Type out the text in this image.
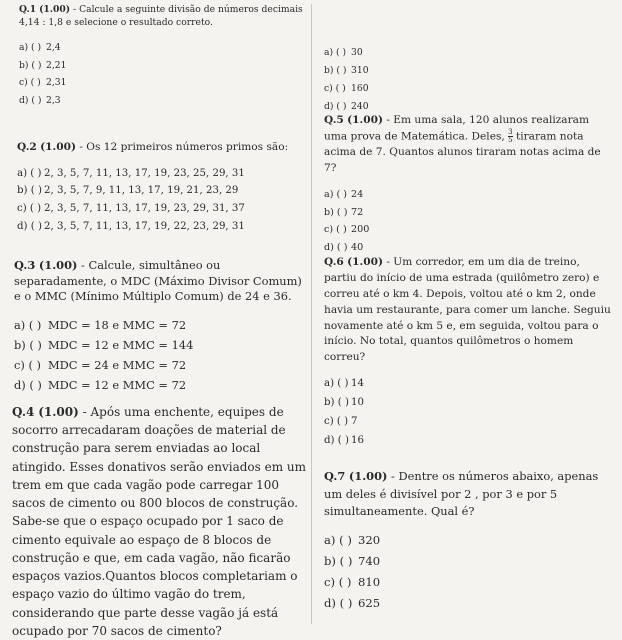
Q.1 (1.00) - Calcule a seguinte divisão de números decimais 4,14 : 1,8 e selecione o resultado correto.

a) ( ) 2,4
b) ( ) 2,21
c) ( ) 2,31
d) ( ) 2,3

Q.2 (1.00) - Os 12 primeiros números primos são:

a) ( ) 2, 3, 5, 7, 11, 13, 17, 19, 23, 25, 29, 31
b) ( ) 2, 3, 5, 7, 9, 11, 13, 17, 19, 21, 23, 29
c) ( ) 2, 3, 5, 7, 11, 13, 17, 19, 23, 29, 31, 37
d) ( ) 2, 3, 5, 7, 11, 13, 17, 19, 22, 23, 29, 31

Q.3 (1.00) - Calcule, simultâneo ou separadamente, o MDC (Máximo Divisor Comum) e o MMC (Mínimo Múltiplo Comum) de 24 e 36.

a) ( ) MDC = 18 e MMC = 72
b) ( ) MDC = 12 e MMC = 144
c) ( ) MDC = 24 e MMC = 72
d) ( ) MDC = 12 e MMC = 72

Q.4 (1.00) - Após uma enchente, equipes de socorro arrecadaram doações de material de construção para serem enviadas ao local atingido. Esses donativos serão enviados em um trem em que cada vagão pode carregar 100 sacos de cimento ou 800 blocos de construção. Sabe-se que o espaço ocupado por 1 saco de cimento equivale ao espaço de 8 blocos de construção e que, em cada vagão, não ficarão espaços vazios.Quantos blocos completariam o espaço vazio do último vagão do trem, considerando que parte desse vagão já está ocupado por 70 sacos de cimento?

a) ( ) 30
b) ( ) 310
c) ( ) 160
d) ( ) 240

Q.5 (1.00) - Em uma sala, 120 alunos realizaram uma prova de Matemática. Deles, $\frac{3}{5}$ tiraram nota acima de 7. Quantos alunos tiraram notas acima de 7?

a) ( ) 24
b) ( ) 72
c) ( ) 200
d) ( ) 40

Q.6 (1.00) - Um corredor, em um dia de treino, partiu do início de uma estrada (quilômetro zero) e correu até o km 4. Depois, voltou até o km 2, onde havia um restaurante, para comer um lanche. Seguiu novamente até o km 5 e, em seguida, voltou para o início. No total, quantos quilômetros o homem correu?

a) ( ) 14
b) ( ) 10
c) ( ) 7
d) ( ) 16

Q.7 (1.00) - Dentre os números abaixo, apenas um deles é divisível por 2 , por 3 e por 5 simultaneamente. Qual é?

a) ( ) 320
b) ( ) 740
c) ( ) 810
d) ( ) 625
